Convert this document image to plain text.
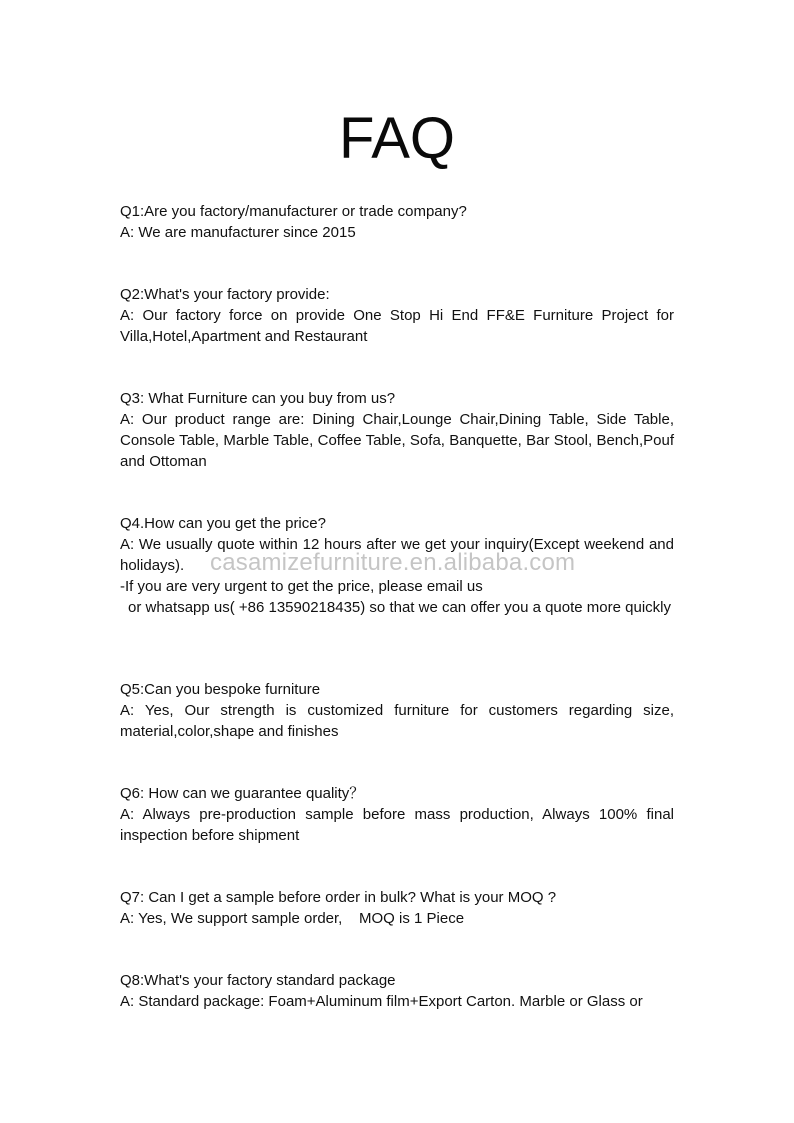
FAQ

Q1:Are you factory/manufacturer or trade company?

A: We are manufacturer since 2015

Q2:What's your factory provide:

A: Our factory force on provide One Stop Hi End FF&E Furniture Project for Villa,Hotel,Apartment and Restaurant

Q3: What Furniture can you buy from us?

A: Our product range are: Dining Chair,Lounge Chair,Dining Table, Side Table, Console Table, Marble Table, Coffee Table, Sofa, Banquette, Bar Stool, Bench,Pouf and Ottoman

Q4.How can you get the price?

A: We usually quote within 12 hours after we get your inquiry(Except weekend and holidays).

-If you are very urgent to get the price, please email us

or whatsapp us( +86 13590218435) so that we can offer you a quote more quickly

Q5:Can you bespoke furniture

A: Yes, Our strength is customized furniture for customers regarding size, material,color,shape and finishes

Q6: How can we guarantee quality？

A: Always pre-production sample before mass production, Always 100% final inspection before shipment

Q7: Can I get a sample before order in bulk? What is your MOQ ?

A: Yes, We support sample order,    MOQ is 1 Piece

Q8:What's your factory standard package

A: Standard package: Foam+Aluminum film+Export Carton. Marble or Glass or

casamizefurniture.en.alibaba.com
